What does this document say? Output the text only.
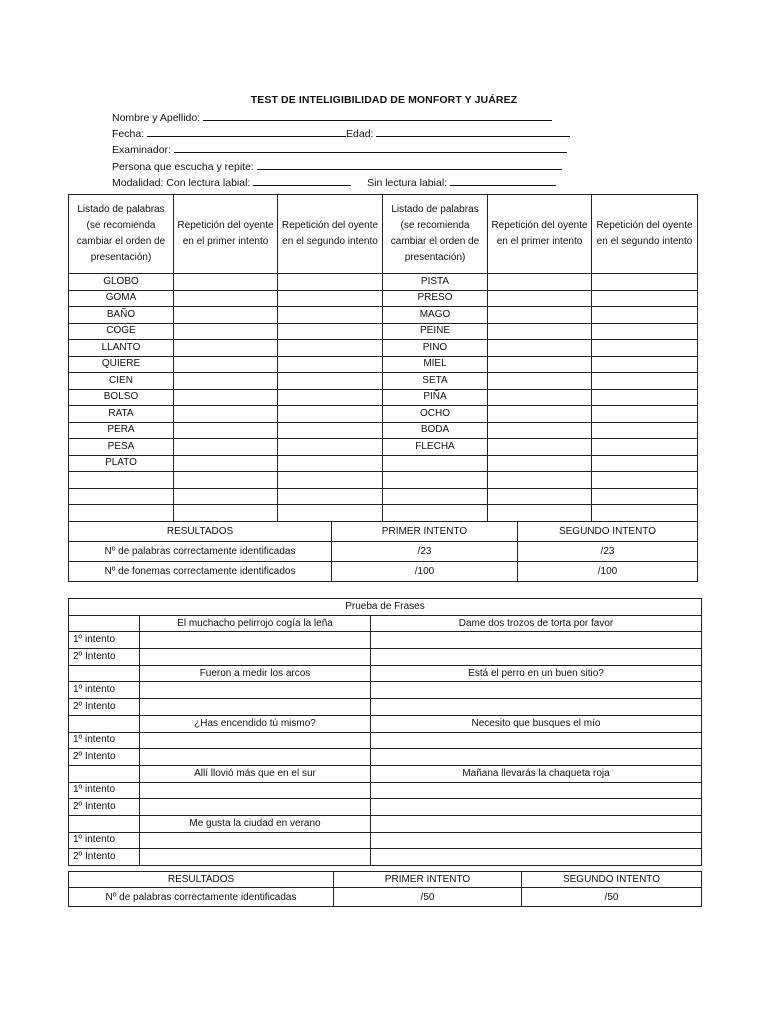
TEST DE INTELIGIBILIDAD DE MONFORT Y JUÁREZ
Nombre y Apellido:
Fecha:	Edad:
Examinador:
Persona que escucha y repite:
Modalidad: Con lectura labial:	Sin lectura labial:
Listado de palabras (se recomienda cambiar el orden de presentación)	Repetición del oyente en el primer intento	Repetición del oyente en el segundo intento	Listado de palabras (se recomienda cambiar el orden de presentación)	Repetición del oyente en el primer intento	Repetición del oyente en el segundo intento
GLOBO			PISTA		
GOMA			PRESO		
BAÑO			MAGO		
COGE			PEINE		
LLANTO			PINO		
QUIERE			MIEL		
CIEN			SETA		
BOLSO			PIÑA		
RATA			OCHO		
PERA			BODA		
PESA			FLECHA		
PLATO					

RESULTADOS	PRIMER INTENTO	SEGUNDO INTENTO
Nº de palabras correctamente identificadas	/23	/23
Nº de fonemas correctamente identificados	/100	/100
Prueba de Frases		
	El muchacho pelirrojo cogía la leña	Dame dos trozos de torta por favor
1º intento		
2º Intento		
	Fueron a medir los arcos	Está el perro en un buen sitio?
1º intento		
2º Intento		
	¿Has encendido tú mismo?	Necesito que busques el mío
1º intento		
2º Intento		
	Allí llovió más que en el sur	Mañana llevarás la chaqueta roja
1º intento		
2º Intento		
	Me gusta la ciudad en verano	
1º intento		
2º Intento		
RESULTADOS	PRIMER INTENTO	SEGUNDO INTENTO
Nº de palabras correctamente identificadas	/50	/50
